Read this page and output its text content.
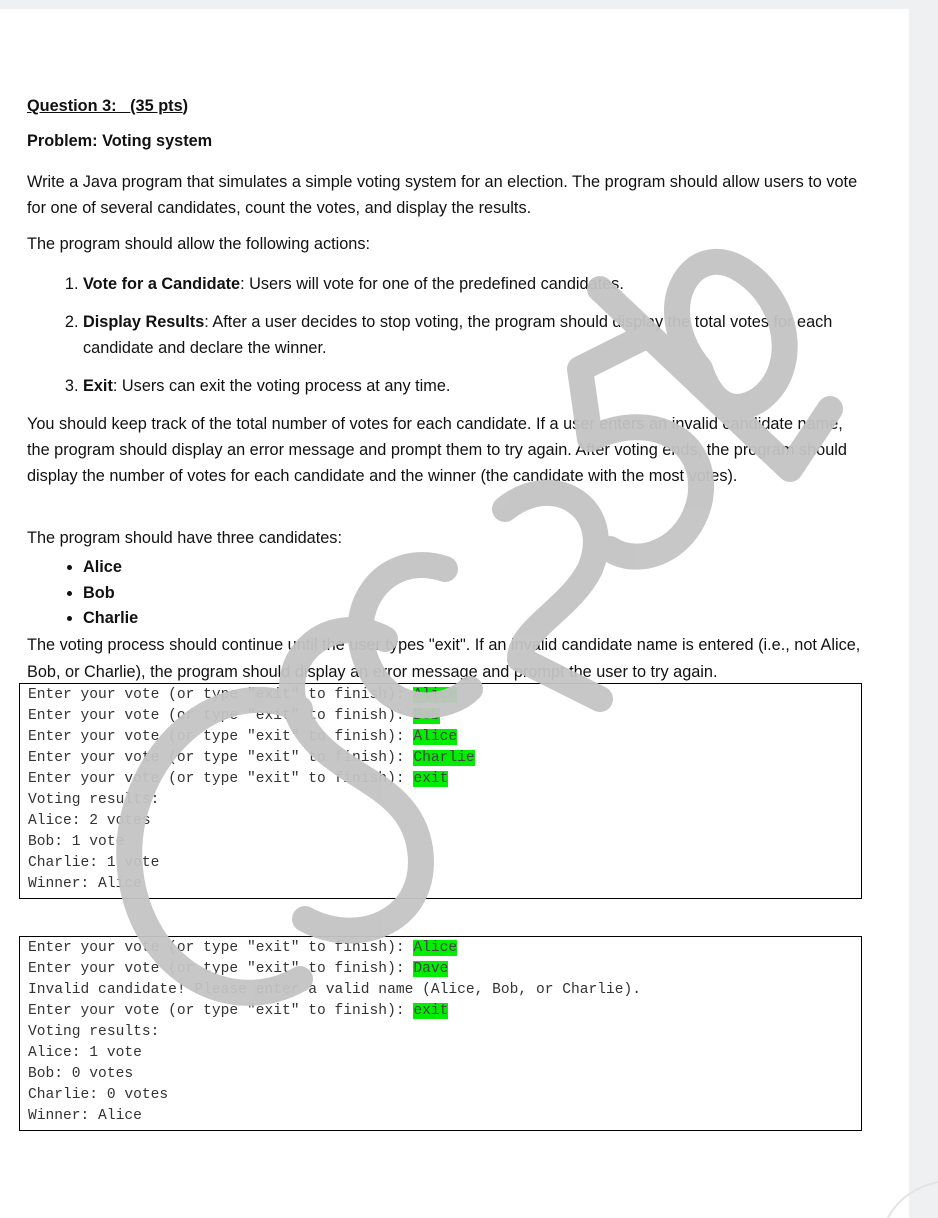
Question 3: (35 pts)
Problem: Voting system
Write a Java program that simulates a simple voting system for an election. The program should allow users to vote for one of several candidates, count the votes, and display the results.
The program should allow the following actions:
1. Vote for a Candidate: Users will vote for one of the predefined candidates.
2. Display Results: After a user decides to stop voting, the program should display the total votes for each candidate and declare the winner.
3. Exit: Users can exit the voting process at any time.
You should keep track of the total number of votes for each candidate. If a user enters an invalid candidate name, the program should display an error message and prompt them to try again. After voting ends, the program should display the number of votes for each candidate and the winner (the candidate with the most votes).
The program should have three candidates:
• Alice
• Bob
• Charlie
The voting process should continue until the user types "exit". If an invalid candidate name is entered (i.e., not Alice, Bob, or Charlie), the program should display an error message and prompt the user to try again.
Enter your vote (or type "exit" to finish): Alice
Enter your vote (or type "exit" to finish): Bob
Enter your vote (or type "exit" to finish): Alice
Enter your vote (or type "exit" to finish): Charlie
Enter your vote (or type "exit" to finish): exit
Voting results:
Alice: 2 votes
Bob: 1 vote
Charlie: 1 vote
Winner: Alice
Enter your vote (or type "exit" to finish): Alice
Enter your vote (or type "exit" to finish): Dave
Invalid candidate! Please enter a valid name (Alice, Bob, or Charlie).
Enter your vote (or type "exit" to finish): exit
Voting results:
Alice: 1 vote
Bob: 0 votes
Charlie: 0 votes
Winner: Alice
